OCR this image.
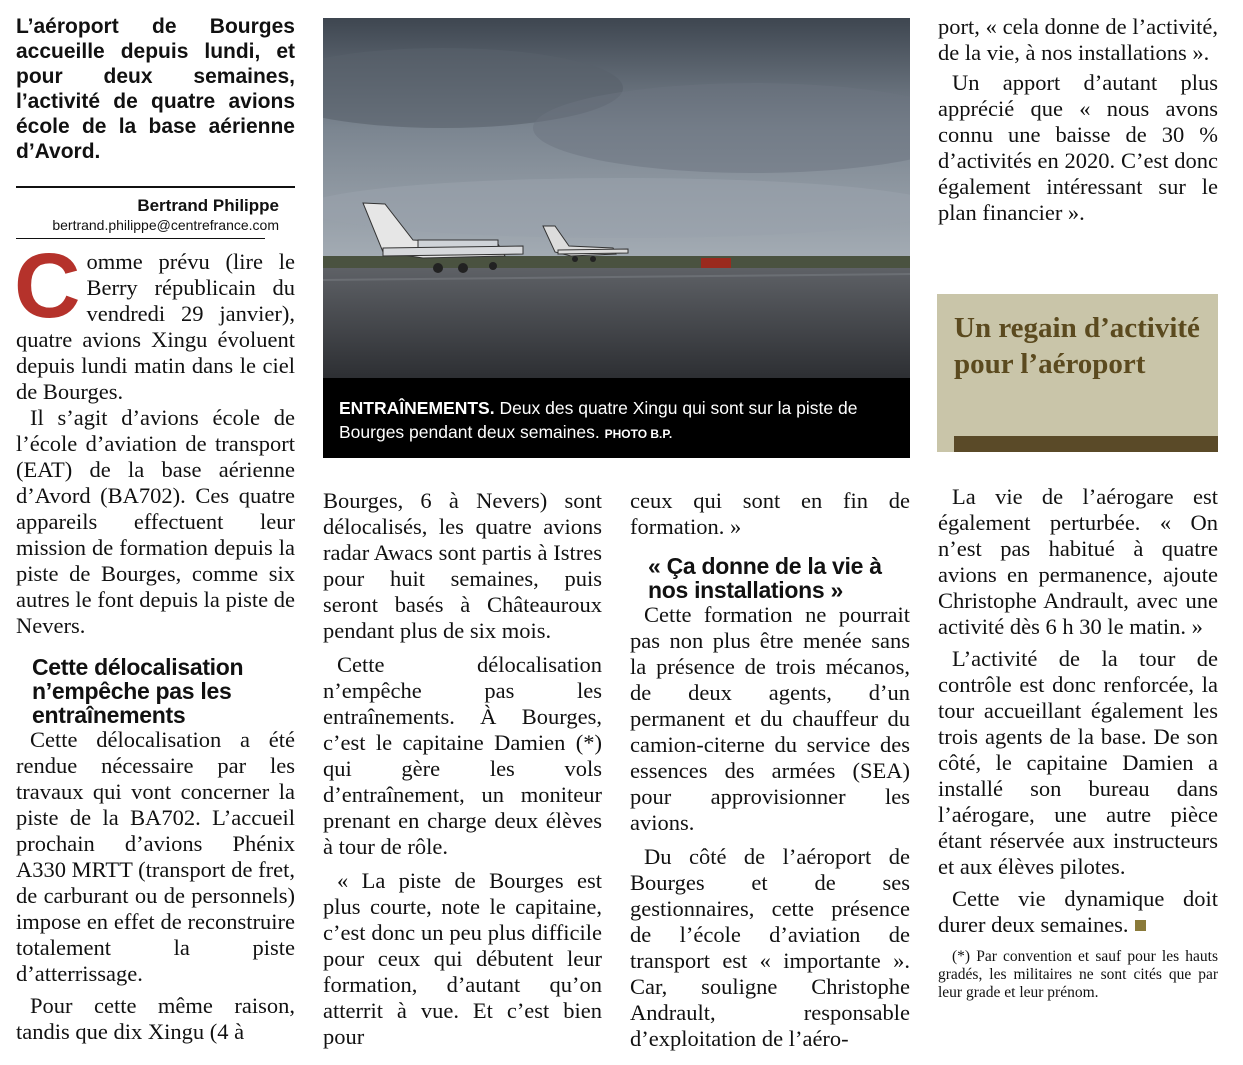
L’aéroport de Bourges accueille depuis lundi, et pour deux semaines, l’activité de quatre avions école de la base aérienne d’Avord.

Bertrand Philippe
bertrand.philippe@centrefrance.com
C omme prévu (lire le Berry républicain du vendredi 29 janvier), quatre avions Xingu évoluent depuis lundi matin dans le ciel de Bourges.

Il s’agit d’avions école de l’école d’aviation de transport (EAT) de la base aérienne d’Avord (BA702). Ces quatre appareils effectuent leur mission de formation depuis la piste de Bourges, comme six autres le font depuis la piste de Nevers.

Cette délocalisation n’empêche pas les entraînements

Cette délocalisation a été rendue nécessaire par les travaux qui vont concerner la piste de la BA702. L’accueil prochain d’avions Phénix A330 MRTT (transport de fret, de carburant ou de personnels) impose en effet de reconstruire totalement la piste d’atterrissage.

Pour cette même raison, tandis que dix Xingu (4 à

ENTRAÎNEMENTS. Deux des quatre Xingu qui sont sur la piste de Bourges pendant deux semaines. PHOTO B.P.

Bourges, 6 à Nevers) sont délocalisés, les quatre avions radar Awacs sont partis à Istres pour huit semaines, puis seront basés à Châteauroux pendant plus de six mois.

Cette délocalisation n’empêche pas les entraînements. À Bourges, c’est le capitaine Damien (*) qui gère les vols d’entraînement, un moniteur prenant en charge deux élèves à tour de rôle.

« La piste de Bourges est plus courte, note le capitaine, c’est donc un peu plus difficile pour ceux qui débutent leur formation, d’autant qu’on atterrit à vue. Et c’est bien pour

ceux qui sont en fin de formation. »

« Ça donne de la vie à nos installations »

Cette formation ne pourrait pas non plus être menée sans la présence de trois mécanos, de deux agents, d’un permanent et du chauffeur du camion-citerne du service des essences des armées (SEA) pour approvisionner les avions.

Du côté de l’aéroport de Bourges et de ses gestionnaires, cette présence de l’école d’aviation de transport est « importante ». Car, souligne Christophe Andrault, responsable d’exploitation de l’aéro-

port, « cela donne de l’activité, de la vie, à nos installations ».

Un apport d’autant plus apprécié que « nous avons connu une baisse de 30 % d’activités en 2020. C’est donc également intéressant sur le plan financier ».

Un regain d’activité pour l’aéroport

La vie de l’aérogare est également perturbée. « On n’est pas habitué à quatre avions en permanence, ajoute Christophe Andrault, avec une activité dès 6 h 30 le matin. »

L’activité de la tour de contrôle est donc renforcée, la tour accueillant également les trois agents de la base. De son côté, le capitaine Damien a installé son bureau dans l’aérogare, une autre pièce étant réservée aux instructeurs et aux élèves pilotes.

Cette vie dynamique doit durer deux semaines.

(*) Par convention et sauf pour les hauts gradés, les militaires ne sont cités que par leur grade et leur prénom.
